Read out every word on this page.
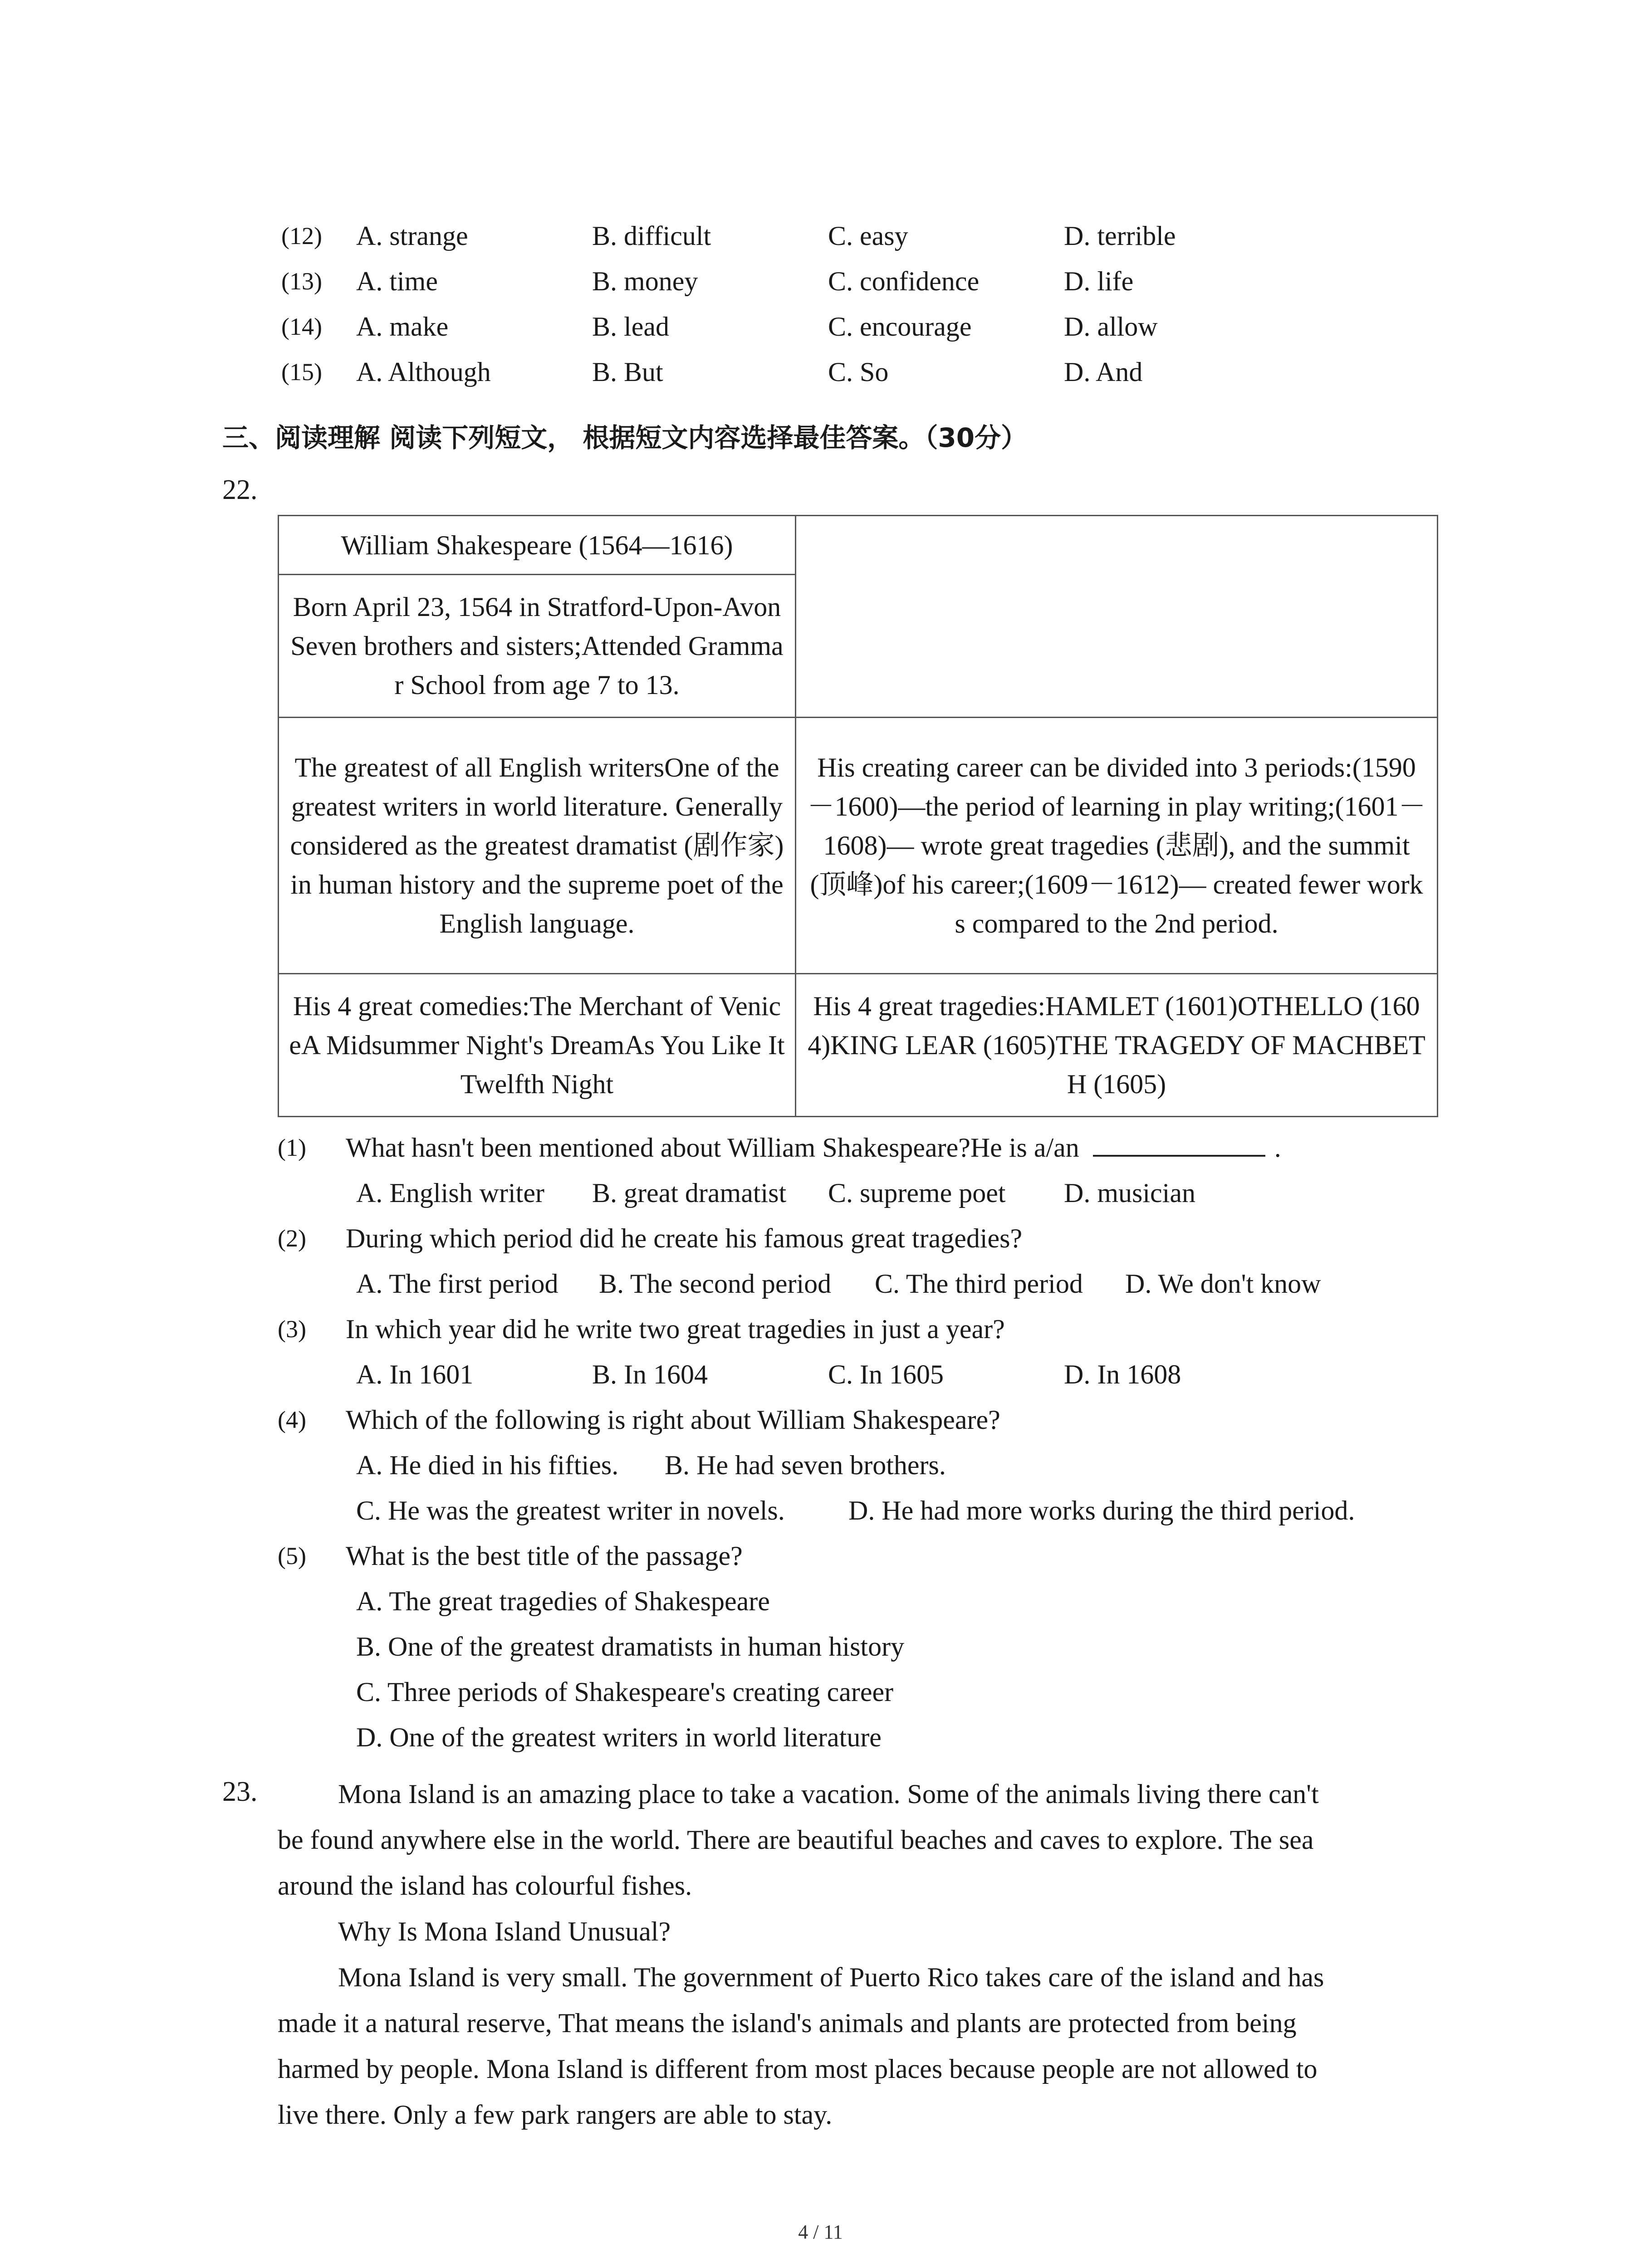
(12) A. strange	B. difficult	C. easy	D. terrible
(13) A. time	B. money	C. confidence	D. life
(14) A. make	B. lead	C. encourage	D. allow
(15) A. Although	B. But	C. So	D. And
三、阅读理解 阅读下列短文， 根据短文内容选择最佳答案。（30分）
22.
William Shakespeare (1564—1616)	
Born April 23, 1564 in Stratford-Upon-AvonSeven brothers and sisters;Attended Grammar School from age 7 to 13.	
The greatest of all English writersOne of the greatest writers in world literature. Generally considered as the greatest dramatist (剧作家) in human history and the supreme poet of the English language.	His creating career can be divided into 3 periods:(1590－1600)—the period of learning in play writing;(1601－1608)— wrote great tragedies (悲剧), and the summit (顶峰)of his career;(1609－1612)— created fewer works compared to the 2nd period.
His 4 great comedies:The Merchant of VeniceA Midsummer Night's DreamAs You Like ItTwelfth Night	His 4 great tragedies:HAMLET (1601)OTHELLO (1604)KING LEAR (1605)THE TRAGEDY OF MACHBETH (1605)
(1) What hasn't been mentioned about William Shakespeare?He is a/an	.
A. English writer B. great dramatist C. supreme poet D. musician
(2) During which period did he create his famous great tragedies?
A. The first period B. The second period C. The third period D. We don't know
(3) In which year did he write two great tragedies in just a year?
A. In 1601	B. In 1604	C. In 1605	D. In 1608
(4) Which of the following is right about William Shakespeare?
A. He died in his fifties. B. He had seven brothers.
C. He was the greatest writer in novels. D. He had more works during the third period.
(5) What is the best title of the passage?
A. The great tragedies of Shakespeare
B. One of the greatest dramatists in human history
C. Three periods of Shakespeare's creating career
D. One of the greatest writers in world literature
23.	Mona Island is an amazing place to take a vacation. Some of the animals living there can't
be found anywhere else in the world. There are beautiful beaches and caves to explore. The sea
around the island has colourful fishes.
Why Is Mona Island Unusual?
Mona Island is very small. The government of Puerto Rico takes care of the island and has
made it a natural reserve, That means the island's animals and plants are protected from being
harmed by people. Mona Island is different from most places because people are not allowed to
live there. Only a few park rangers are able to stay.
4 / 11
